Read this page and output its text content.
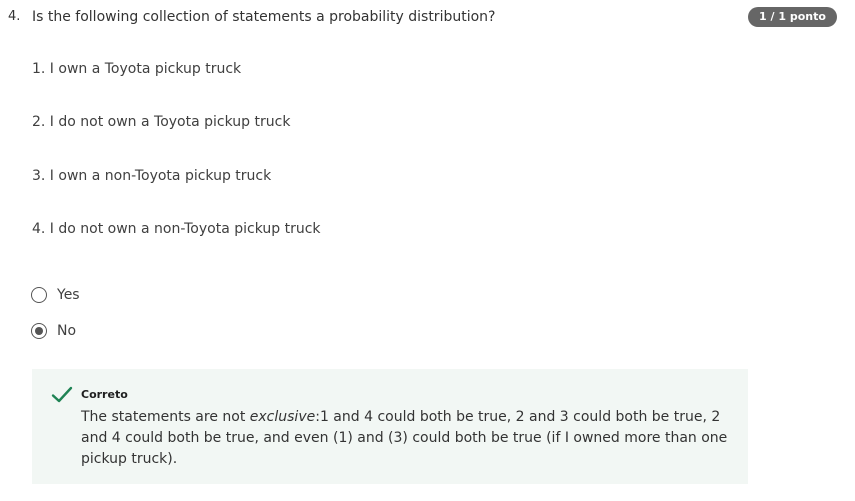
4. Is the following collection of statements a probability distribution?	1 / 1 ponto
1. I own a Toyota pickup truck
2. I do not own a Toyota pickup truck
3. I own a non-Toyota pickup truck
4. I do not own a non-Toyota pickup truck
Yes
No
Correto
The statements are not exclusive:1 and 4 could both be true, 2 and 3 could both be true, 2 and 4 could both be true, and even (1) and (3) could both be true (if I owned more than one pickup truck).
